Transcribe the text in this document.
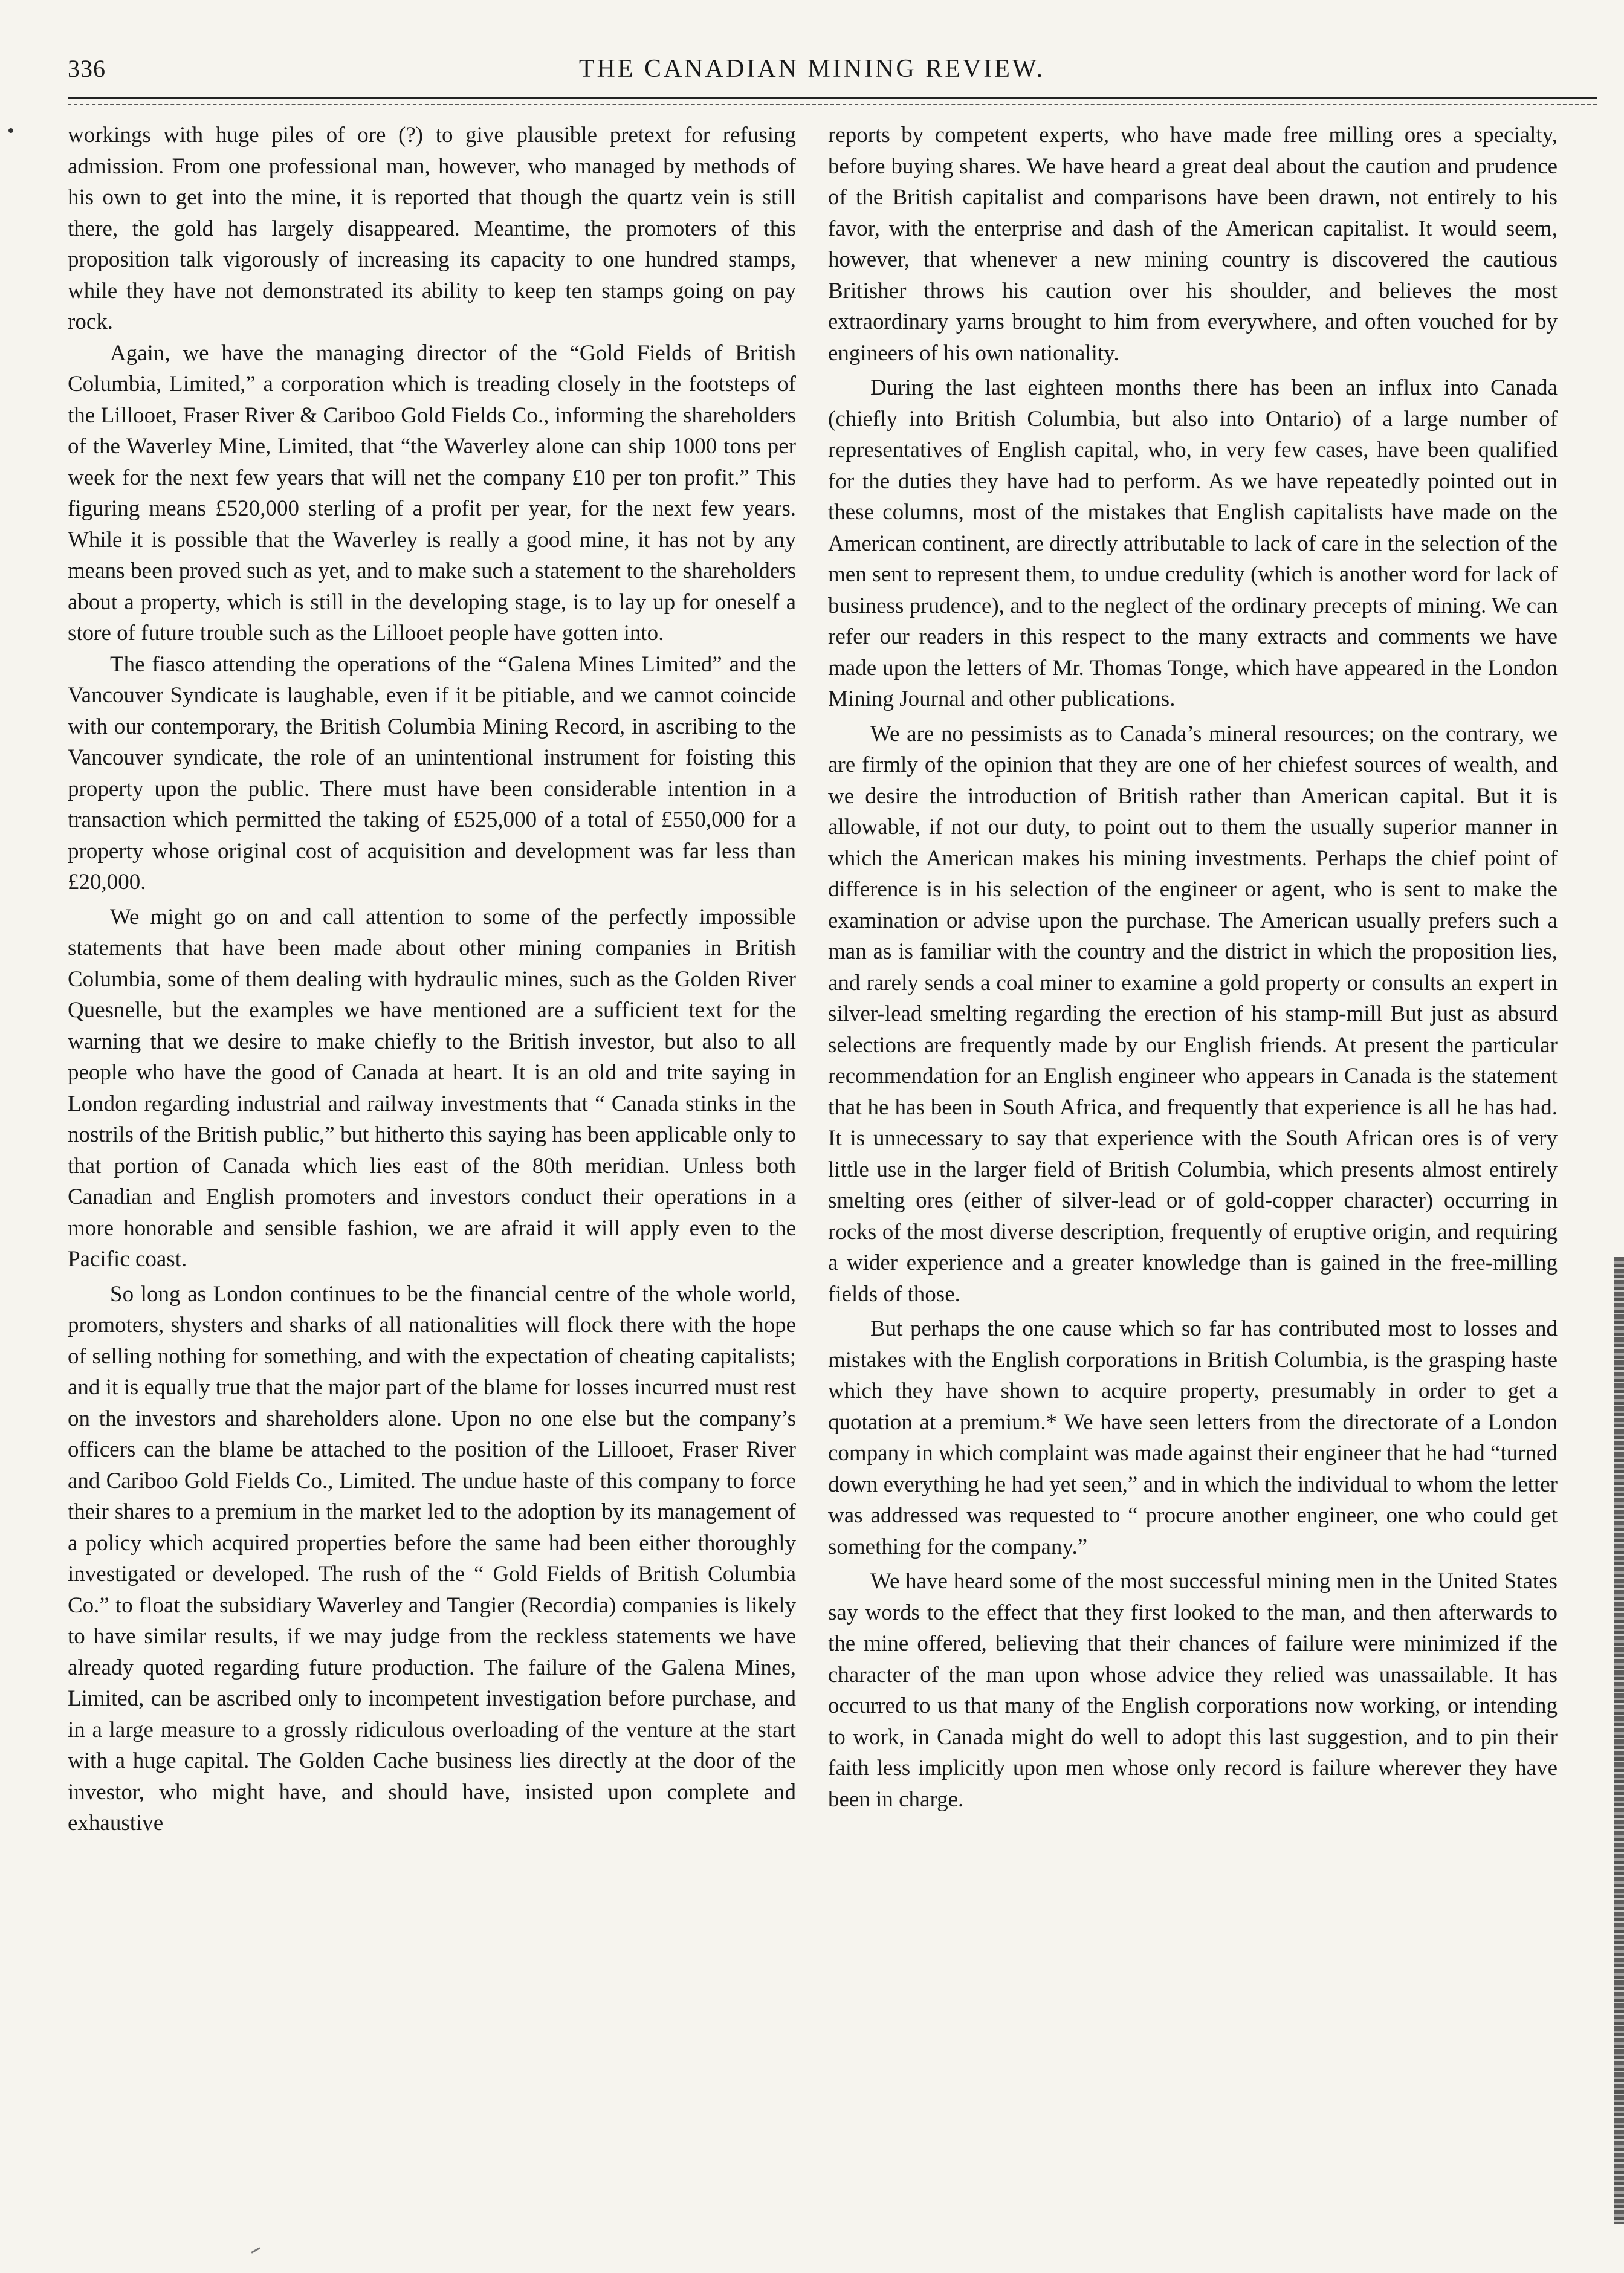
336	THE CANADIAN MINING REVIEW.

workings with huge piles of ore (?) to give plausible pretext for refusing admission. From one professional man, however, who managed by methods of his own to get into the mine, it is reported that though the quartz vein is still there, the gold has largely disappeared. Meantime, the promoters of this proposition talk vigorously of increasing its capacity to one hundred stamps, while they have not demonstrated its ability to keep ten stamps going on pay rock.

Again, we have the managing director of the “Gold Fields of British Columbia, Limited,” a corporation which is treading closely in the footsteps of the Lillooet, Fraser River & Cariboo Gold Fields Co., informing the shareholders of the Waverley Mine, Limited, that “the Waverley alone can ship 1000 tons per week for the next few years that will net the company £10 per ton profit.” This figuring means £520,000 sterling of a profit per year, for the next few years. While it is possible that the Waverley is really a good mine, it has not by any means been proved such as yet, and to make such a statement to the shareholders about a property, which is still in the developing stage, is to lay up for oneself a store of future trouble such as the Lillooet people have gotten into.

The fiasco attending the operations of the “Galena Mines Limited” and the Vancouver Syndicate is laughable, even if it be pitiable, and we cannot coincide with our contemporary, the British Columbia Mining Record, in ascribing to the Vancouver syndicate, the role of an unintentional instrument for foisting this property upon the public. There must have been considerable intention in a transaction which permitted the taking of £525,000 of a total of £550,000 for a property whose original cost of acquisition and development was far less than £20,000.

We might go on and call attention to some of the perfectly impossible statements that have been made about other mining companies in British Columbia, some of them dealing with hydraulic mines, such as the Golden River Quesnelle, but the examples we have mentioned are a sufficient text for the warning that we desire to make chiefly to the British investor, but also to all people who have the good of Canada at heart. It is an old and trite saying in London regarding industrial and railway investments that “ Canada stinks in the nostrils of the British public,” but hitherto this saying has been applicable only to that portion of Canada which lies east of the 80th meridian. Unless both Canadian and English promoters and investors conduct their operations in a more honorable and sensible fashion, we are afraid it will apply even to the Pacific coast.

So long as London continues to be the financial centre of the whole world, promoters, shysters and sharks of all nationalities will flock there with the hope of selling nothing for something, and with the expectation of cheating capitalists; and it is equally true that the major part of the blame for losses incurred must rest on the investors and shareholders alone. Upon no one else but the company’s officers can the blame be attached to the position of the Lillooet, Fraser River and Cariboo Gold Fields Co., Limited. The undue haste of this company to force their shares to a premium in the market led to the adoption by its management of a policy which acquired properties before the same had been either thoroughly investigated or developed. The rush of the “ Gold Fields of British Columbia Co.” to float the subsidiary Waverley and Tangier (Recordia) companies is likely to have similar results, if we may judge from the reckless statements we have already quoted regarding future production. The failure of the Galena Mines, Limited, can be ascribed only to incompetent investigation before purchase, and in a large measure to a grossly ridiculous overloading of the venture at the start with a huge capital. The Golden Cache business lies directly at the door of the investor, who might have, and should have, insisted upon complete and exhaustive

reports by competent experts, who have made free milling ores a specialty, before buying shares. We have heard a great deal about the caution and prudence of the British capitalist and comparisons have been drawn, not entirely to his favor, with the enterprise and dash of the American capitalist. It would seem, however, that whenever a new mining country is discovered the cautious Britisher throws his caution over his shoulder, and believes the most extraordinary yarns brought to him from everywhere, and often vouched for by engineers of his own nationality.

During the last eighteen months there has been an influx into Canada (chiefly into British Columbia, but also into Ontario) of a large number of representatives of English capital, who, in very few cases, have been qualified for the duties they have had to perform. As we have repeatedly pointed out in these columns, most of the mistakes that English capitalists have made on the American continent, are directly attributable to lack of care in the selection of the men sent to represent them, to undue credulity (which is another word for lack of business prudence), and to the neglect of the ordinary precepts of mining. We can refer our readers in this respect to the many extracts and comments we have made upon the letters of Mr. Thomas Tonge, which have appeared in the London Mining Journal and other publications.

We are no pessimists as to Canada’s mineral resources; on the contrary, we are firmly of the opinion that they are one of her chiefest sources of wealth, and we desire the introduction of British rather than American capital. But it is allowable, if not our duty, to point out to them the usually superior manner in which the American makes his mining investments. Perhaps the chief point of difference is in his selection of the engineer or agent, who is sent to make the examination or advise upon the purchase. The American usually prefers such a man as is familiar with the country and the district in which the proposition lies, and rarely sends a coal miner to examine a gold property or consults an expert in silver-lead smelting regarding the erection of his stamp-mill But just as absurd selections are frequently made by our English friends. At present the particular recommendation for an English engineer who appears in Canada is the statement that he has been in South Africa, and frequently that experience is all he has had. It is unnecessary to say that experience with the South African ores is of very little use in the larger field of British Columbia, which presents almost entirely smelting ores (either of silver-lead or of gold-copper character) occurring in rocks of the most diverse description, frequently of eruptive origin, and requiring a wider experience and a greater knowledge than is gained in the free-milling fields of those.

But perhaps the one cause which so far has contributed most to losses and mistakes with the English corporations in British Columbia, is the grasping haste which they have shown to acquire property, presumably in order to get a quotation at a premium.* We have seen letters from the directorate of a London company in which complaint was made against their engineer that he had “turned down everything he had yet seen,” and in which the individual to whom the letter was addressed was requested to “ procure another engineer, one who could get something for the company.”

We have heard some of the most successful mining men in the United States say words to the effect that they first looked to the man, and then afterwards to the mine offered, believing that their chances of failure were minimized if the character of the man upon whose advice they relied was unassailable. It has occurred to us that many of the English corporations now working, or intending to work, in Canada might do well to adopt this last suggestion, and to pin their faith less implicitly upon men whose only record is failure wherever they have been in charge.
